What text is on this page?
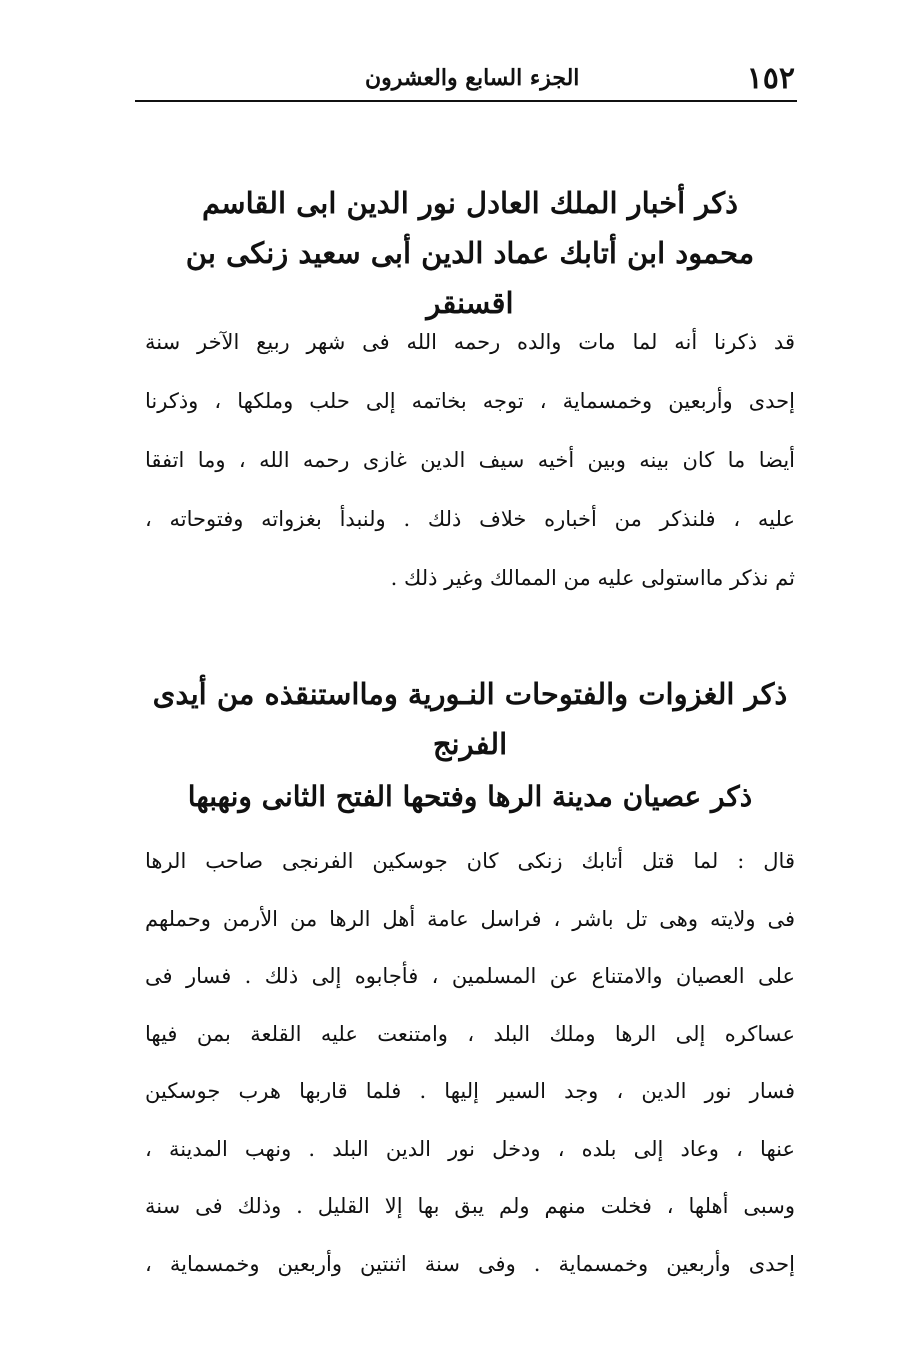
١٥٢
الجزء السابع والعشرون
ذكر أخبار الملك العادل نور الدين ابى القاسم
محمود ابن أتابك عماد الدين أبى سعيد زنكى بن اقسنقر
قد ذكرنا أنه لما مات والده رحمه الله فى شهر ربيع الآخر سنة
إحدى وأربعين وخمسماية ، توجه بخاتمه إلى حلب وملكها ، وذكرنا
أيضا ما كان بينه وبين أخيه سيف الدين غازى رحمه الله ، وما اتفقا
عليه ، فلنذكر من أخباره خلاف ذلك . ولنبدأ بغزواته وفتوحاته ،
ثم نذكر مااستولى عليه من الممالك وغير ذلك .
ذكر الغزوات والفتوحات النـورية ومااستنقذه من أيدى
الفرنج
ذكر عصيان مدينة الرها وفتحها الفتح الثانى ونهبها
قال : لما قتل أتابك زنكى كان جوسكين الفرنجى صاحب الرها
فى ولايته وهى تل باشر ، فراسل عامة أهل الرها من الأرمن وحملهم
على العصيان والامتناع عن المسلمين ، فأجابوه إلى ذلك . فسار فى
عساكره إلى الرها وملك البلد ، وامتنعت عليه القلعة بمن فيها
فسار نور الدين ، وجد السير إليها . فلما قاربها هرب جوسكين
عنها ، وعاد إلى بلده ، ودخل نور الدين البلد . ونهب المدينة ،
وسبى أهلها ، فخلت منهم ولم يبق بها إلا القليل . وذلك فى سنة
إحدى وأربعين وخمسماية . وفى سنة اثنتين وأربعين وخمسماية ،
